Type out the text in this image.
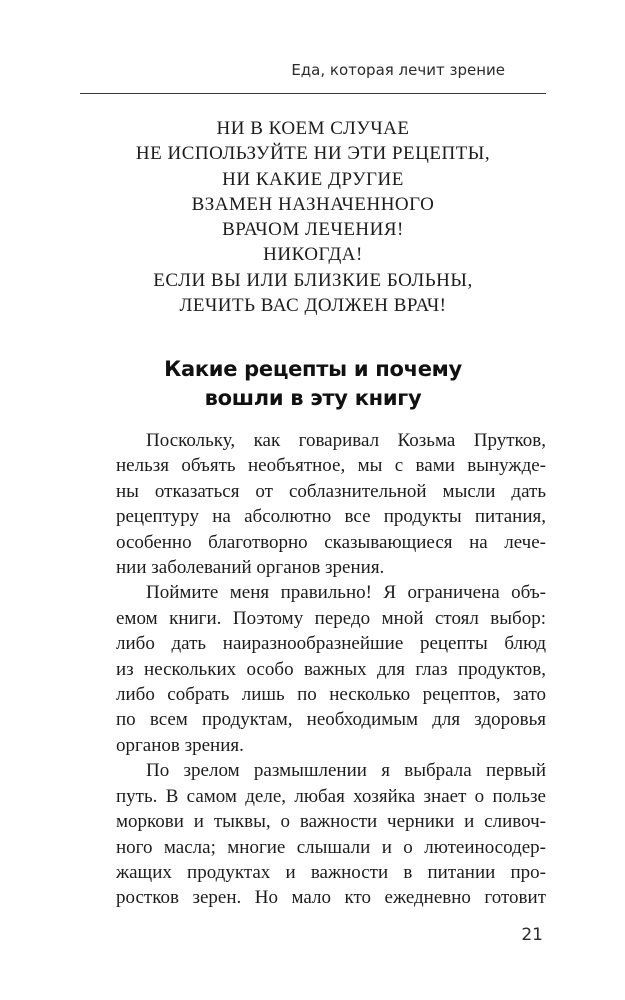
Еда, которая лечит зрение
НИ В КОЕМ СЛУЧАЕ
НЕ ИСПОЛЬЗУЙТЕ НИ ЭТИ РЕЦЕПТЫ,
НИ КАКИЕ ДРУГИЕ
ВЗАМЕН НАЗНАЧЕННОГО
ВРАЧОМ ЛЕЧЕНИЯ!
НИКОГДА!
ЕСЛИ ВЫ ИЛИ БЛИЗКИЕ БОЛЬНЫ,
ЛЕЧИТЬ ВАС ДОЛЖЕН ВРАЧ!
Какие рецепты и почему
вошли в эту книгу

Поскольку, как говаривал Козьма Прутков,
нельзя объять необъятное, мы с вами вынужде-
ны отказаться от соблазнительной мысли дать
рецептуру на абсолютно все продукты питания,
особенно благотворно сказывающиеся на лече-
нии заболеваний органов зрения.

Поймите меня правильно! Я ограничена объ-
емом книги. Поэтому передо мной стоял выбор:
либо дать наиразнообразнейшие рецепты блюд
из нескольких особо важных для глаз продуктов,
либо собрать лишь по несколько рецептов, зато
по всем продуктам, необходимым для здоровья
органов зрения.

По зрелом размышлении я выбрала первый
путь. В самом деле, любая хозяйка знает о пользе
моркови и тыквы, о важности черники и сливоч-
ного масла; многие слышали и о лютеиносодер-
жащих продуктах и важности в питании про-
ростков зерен. Но мало кто ежедневно готовит

21
